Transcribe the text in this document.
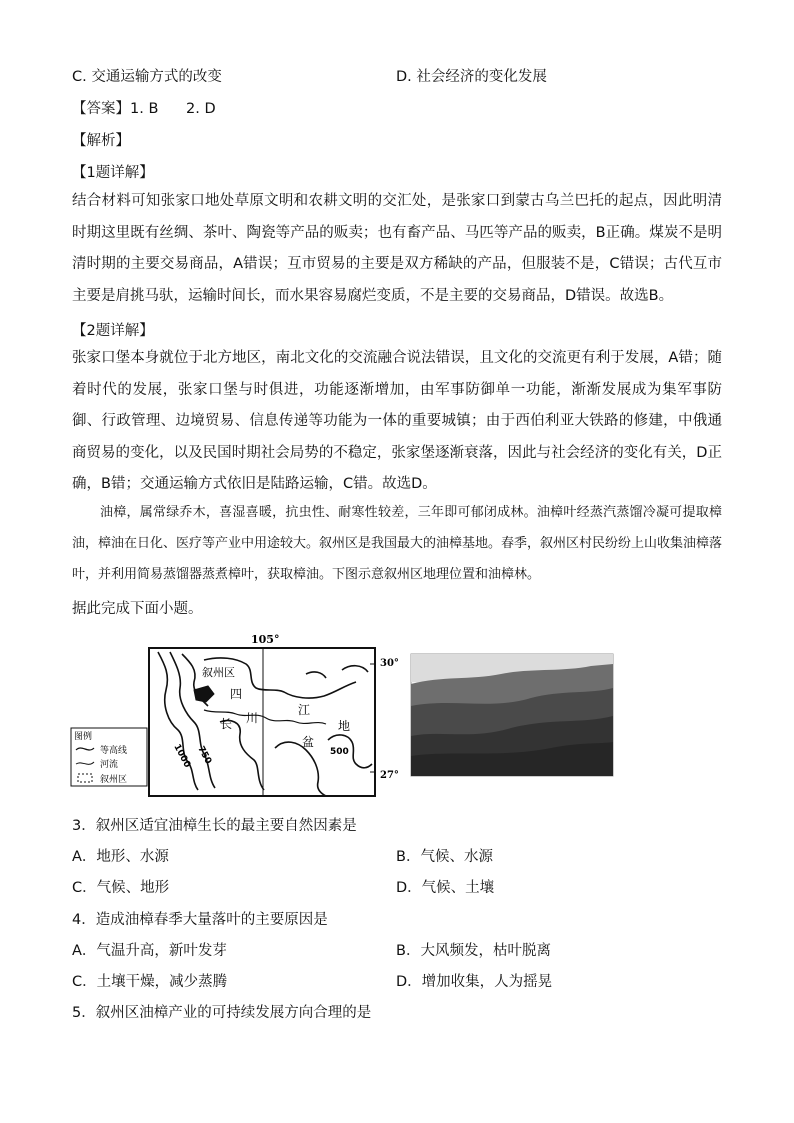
C. 交通运输方式的改变	D. 社会经济的变化发展
【答案】1. B      2. D
【解析】
【1题详解】
结合材料可知张家口地处草原文明和农耕文明的交汇处，是张家口到蒙古乌兰巴托的起点，因此明清时期这里既有丝绸、茶叶、陶瓷等产品的贩卖；也有畜产品、马匹等产品的贩卖，B正确。煤炭不是明清时期的主要交易商品，A错误；互市贸易的主要是双方稀缺的产品，但服装不是，C错误；古代互市主要是肩挑马驮，运输时间长，而水果容易腐烂变质，不是主要的交易商品，D错误。故选B。
【2题详解】
张家口堡本身就位于北方地区，南北文化的交流融合说法错误，且文化的交流更有利于发展，A错；随着时代的发展，张家口堡与时俱进，功能逐渐增加，由军事防御单一功能，渐渐发展成为集军事防御、行政管理、边境贸易、信息传递等功能为一体的重要城镇；由于西伯利亚大铁路的修建，中俄通商贸易的变化，以及民国时期社会局势的不稳定，张家堡逐渐衰落，因此与社会经济的变化有关，D正确，B错；交通运输方式依旧是陆路运输，C错。故选D。
油樟，属常绿乔木，喜湿喜暖，抗虫性、耐寒性较差，三年即可郁闭成林。油樟叶经蒸汽蒸馏冷凝可提取樟油，樟油在日化、医疗等产业中用途较大。叙州区是我国最大的油樟基地。春季，叙州区村民纷纷上山收集油樟落叶，并利用简易蒸馏器蒸煮樟叶，获取樟油。下图示意叙州区地理位置和油樟林。
据此完成下面小题。
105°
30°
27°
叙州区
四
川
盆
地
长
江
1000 750	500
图例
等高线
河流
叙州区
3．叙州区适宜油樟生长的最主要自然因素是
A．地形、水源	B．气候、水源
C．气候、地形	D．气候、土壤
4．造成油樟春季大量落叶的主要原因是
A．气温升高，新叶发芽	B．大风频发，枯叶脱离
C．土壤干燥，减少蒸腾	D．增加收集，人为摇晃
5．叙州区油樟产业的可持续发展方向合理的是
